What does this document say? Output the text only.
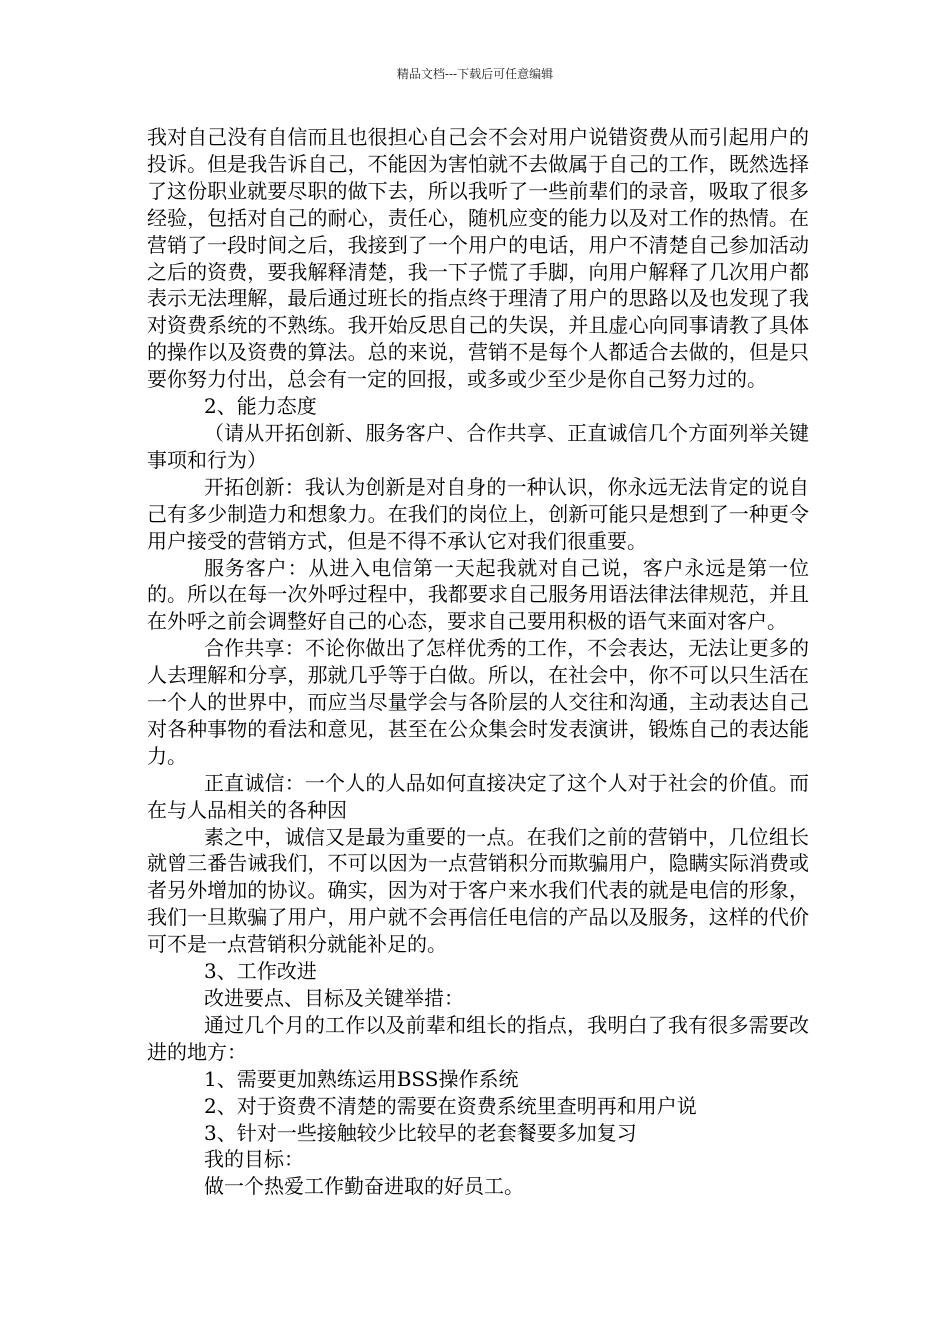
精品文档---下载后可任意编辑

我对自己没有自信而且也很担心自己会不会对用户说错资费从而引起用户的投诉。但是我告诉自己，不能因为害怕就不去做属于自己的工作，既然选择了这份职业就要尽职的做下去，所以我听了一些前辈们的录音，吸取了很多经验，包括对自己的耐心，责任心，随机应变的能力以及对工作的热情。在营销了一段时间之后，我接到了一个用户的电话，用户不清楚自己参加活动之后的资费，要我解释清楚，我一下子慌了手脚，向用户解释了几次用户都表示无法理解，最后通过班长的指点终于理清了用户的思路以及也发现了我对资费系统的不熟练。我开始反思自己的失误，并且虚心向同事请教了具体的操作以及资费的算法。总的来说，营销不是每个人都适合去做的，但是只要你努力付出，总会有一定的回报，或多或少至少是你自己努力过的。

2、能力态度

（请从开拓创新、服务客户、合作共享、正直诚信几个方面列举关键事项和行为）

开拓创新：我认为创新是对自身的一种认识，你永远无法肯定的说自己有多少制造力和想象力。在我们的岗位上，创新可能只是想到了一种更令用户接受的营销方式，但是不得不承认它对我们很重要。

服务客户：从进入电信第一天起我就对自己说，客户永远是第一位的。所以在每一次外呼过程中，我都要求自己服务用语法律法律规范，并且在外呼之前会调整好自己的心态，要求自己要用积极的语气来面对客户。

合作共享：不论你做出了怎样优秀的工作，不会表达，无法让更多的人去理解和分享，那就几乎等于白做。所以，在社会中，你不可以只生活在一个人的世界中，而应当尽量学会与各阶层的人交往和沟通，主动表达自己对各种事物的看法和意见，甚至在公众集会时发表演讲，锻炼自己的表达能力。

正直诚信：一个人的人品如何直接决定了这个人对于社会的价值。而在与人品相关的各种因

素之中，诚信又是最为重要的一点。在我们之前的营销中，几位组长就曾三番告诫我们，不可以因为一点营销积分而欺骗用户，隐瞒实际消费或者另外增加的协议。确实，因为对于客户来水我们代表的就是电信的形象，我们一旦欺骗了用户，用户就不会再信任电信的产品以及服务，这样的代价可不是一点营销积分就能补足的。

3、工作改进

改进要点、目标及关键举措：

通过几个月的工作以及前辈和组长的指点，我明白了我有很多需要改进的地方：

1、需要更加熟练运用BSS操作系统

2、对于资费不清楚的需要在资费系统里查明再和用户说

3、针对一些接触较少比较早的老套餐要多加复习

我的目标：

做一个热爱工作勤奋进取的好员工。
